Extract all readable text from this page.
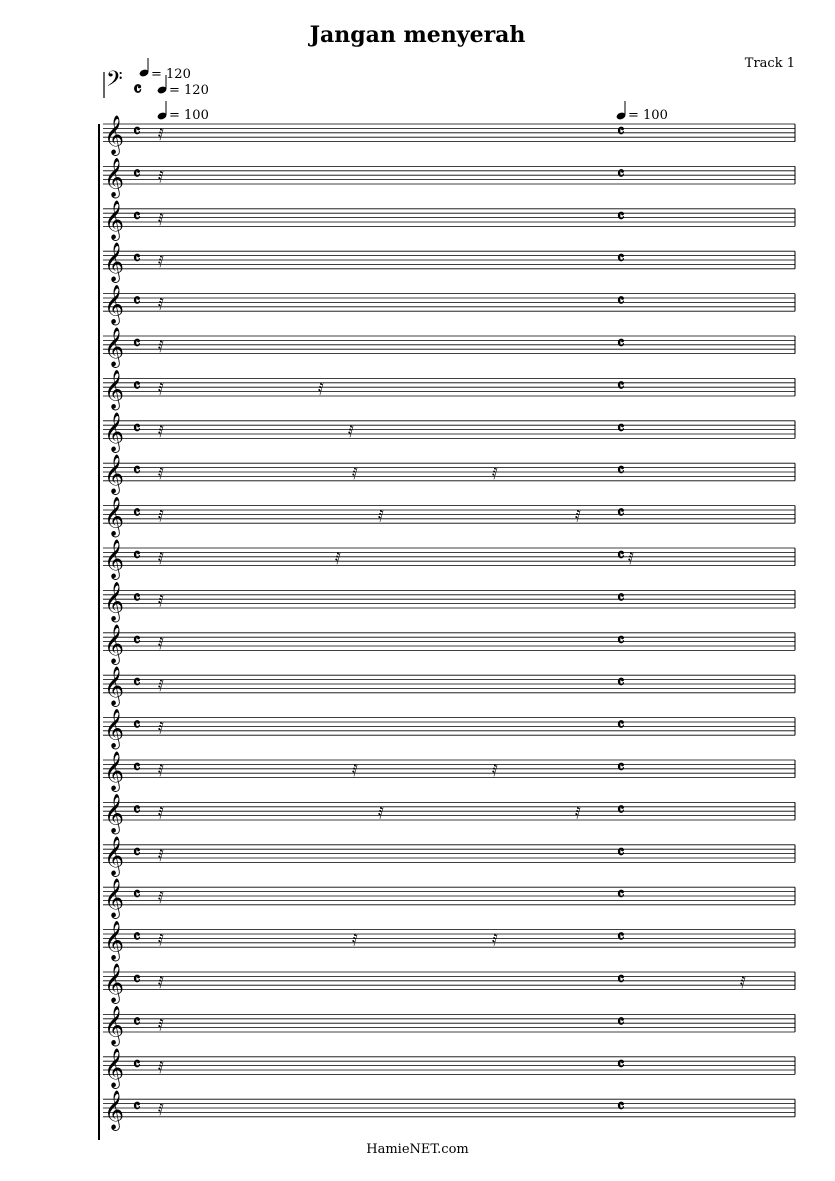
Jangan menyerah
Track 1
𝄢 𝄴
= 120
= 120
= 100	= 100
𝄞 𝄴	𝄴
𝅀
𝄞 𝄴	𝄴
𝅀
𝄞 𝄴	𝄴
𝅀
𝄞 𝄴	𝄴
𝅀
𝄞 𝄴	𝄴
𝅀
𝄞 𝄴	𝄴
𝅀
𝄞 𝄴	𝄴
𝅀	𝅀
𝄞 𝄴	𝄴
𝅀	𝅀
𝄞 𝄴	𝄴
𝅀	𝅀	𝅀
𝄞 𝄴	𝄴
𝅀	𝅀	𝅀
𝄞 𝄴	𝄴
𝅀	𝅀	𝅀
𝄞 𝄴	𝄴
𝅀
𝄞 𝄴	𝄴
𝅀
𝄞 𝄴	𝄴
𝅀
𝄞 𝄴	𝄴
𝅀
𝄞 𝄴	𝄴
𝅀	𝅀	𝅀
𝄞 𝄴	𝄴
𝅀	𝅀	𝅀
𝄞 𝄴	𝄴
𝅀
𝄞 𝄴	𝄴
𝅀
𝄞 𝄴	𝄴
𝅀	𝅀	𝅀
𝄞 𝄴	𝄴
𝅀	𝅀
𝄞 𝄴	𝄴
𝅀
𝄞 𝄴	𝄴
𝅀
𝄞 𝄴	𝄴
𝅀
HamieNET.com
